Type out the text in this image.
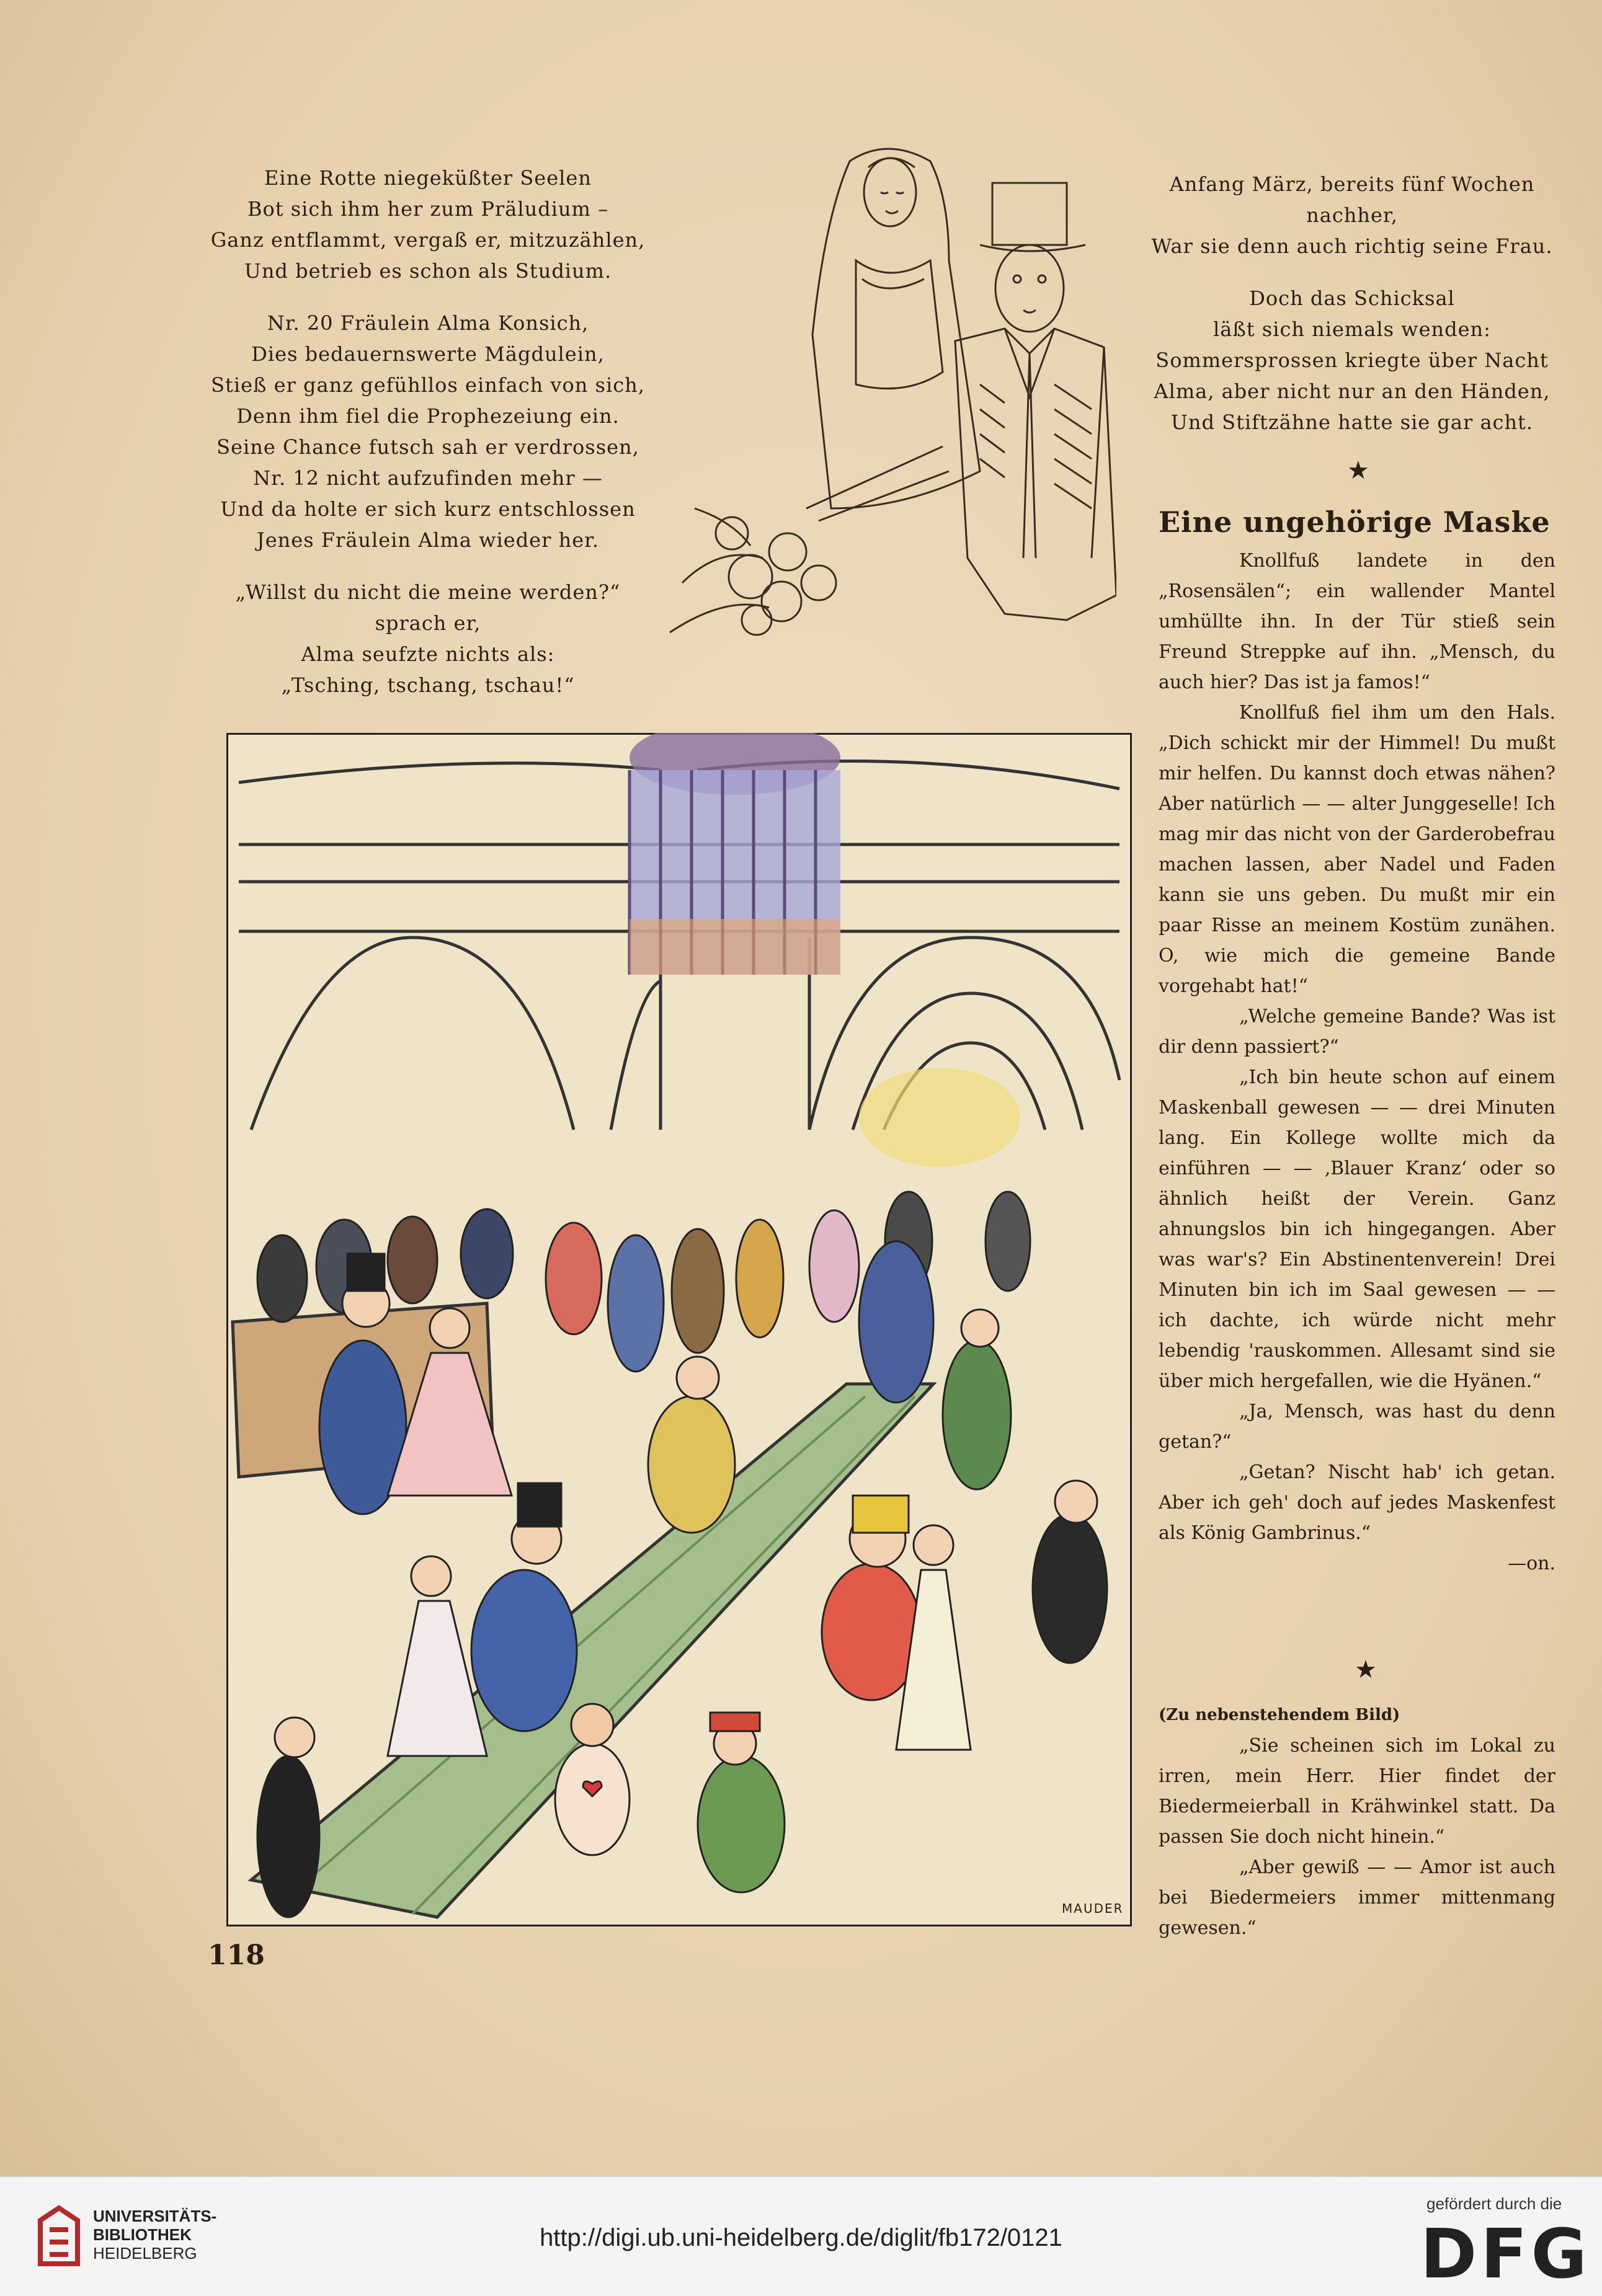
Eine Rotte niegeküßter Seelen
Bot sich ihm her zum Präludium –
Ganz entflammt, vergaß er, mitzuzählen,
Und betrieb es schon als Studium.

Nr. 20 Fräulein Alma Konsich,
Dies bedauernswerte Mägdulein,
Stieß er ganz gefühllos einfach von sich,
Denn ihm fiel die Prophezeiung ein.
Seine Chance futsch sah er verdrossen,
Nr. 12 nicht aufzufinden mehr —
Und da holte er sich kurz entschlossen
Jenes Fräulein Alma wieder her.

„Willst du nicht die meine werden?“
sprach er,
Alma seufzte nichts als:
„Tsching, tschang, tschau!“

Anfang März, bereits fünf Wochen
nachher,
War sie denn auch richtig seine Frau.

Doch das Schicksal
läßt sich niemals wenden:
Sommersprossen kriegte über Nacht
Alma, aber nicht nur an den Händen,
Und Stiftzähne hatte sie gar acht.

★
Eine ungehörige Maske

Knollfuß landete in den „Rosensälen“; ein wallender Mantel umhüllte ihn. In der Tür stieß sein Freund Streppke auf ihn. „Mensch, du auch hier? Das ist ja famos!“

Knollfuß fiel ihm um den Hals. „Dich schickt mir der Himmel! Du mußt mir helfen. Du kannst doch etwas nähen? Aber natürlich — — alter Junggeselle! Ich mag mir das nicht von der Garderobefrau machen lassen, aber Nadel und Faden kann sie uns geben. Du mußt mir ein paar Risse an meinem Kostüm zunähen. O, wie mich die gemeine Bande vorgehabt hat!“

„Welche gemeine Bande? Was ist dir denn passiert?“

„Ich bin heute schon auf einem Maskenball gewesen — — drei Minuten lang. Ein Kollege wollte mich da einführen — — ‚Blauer Kranz‘ oder so ähnlich heißt der Verein. Ganz ahnungslos bin ich hingegangen. Aber was war's? Ein Abstinentenverein! Drei Minuten bin ich im Saal gewesen — — ich dachte, ich würde nicht mehr lebendig 'rauskommen. Allesamt sind sie über mich hergefallen, wie die Hyänen.“

„Ja, Mensch, was hast du denn getan?“

„Getan? Nischt hab' ich getan. Aber ich geh' doch auf jedes Maskenfest als König Gambrinus.“

—on.

★

(Zu nebenstehendem Bild)

„Sie scheinen sich im Lokal zu irren, mein Herr. Hier findet der Biedermeierball in Krähwinkel statt. Da passen Sie doch nicht hinein.“

„Aber gewiß — — Amor ist auch bei Biedermeiers immer mittenmang gewesen.“

MAUDER
118
UNIVERSITÄTS-
BIBLIOTHEK
HEIDELBERG
http://digi.ub.uni-heidelberg.de/diglit/fb172/0121
gefördert durch die
DFG
